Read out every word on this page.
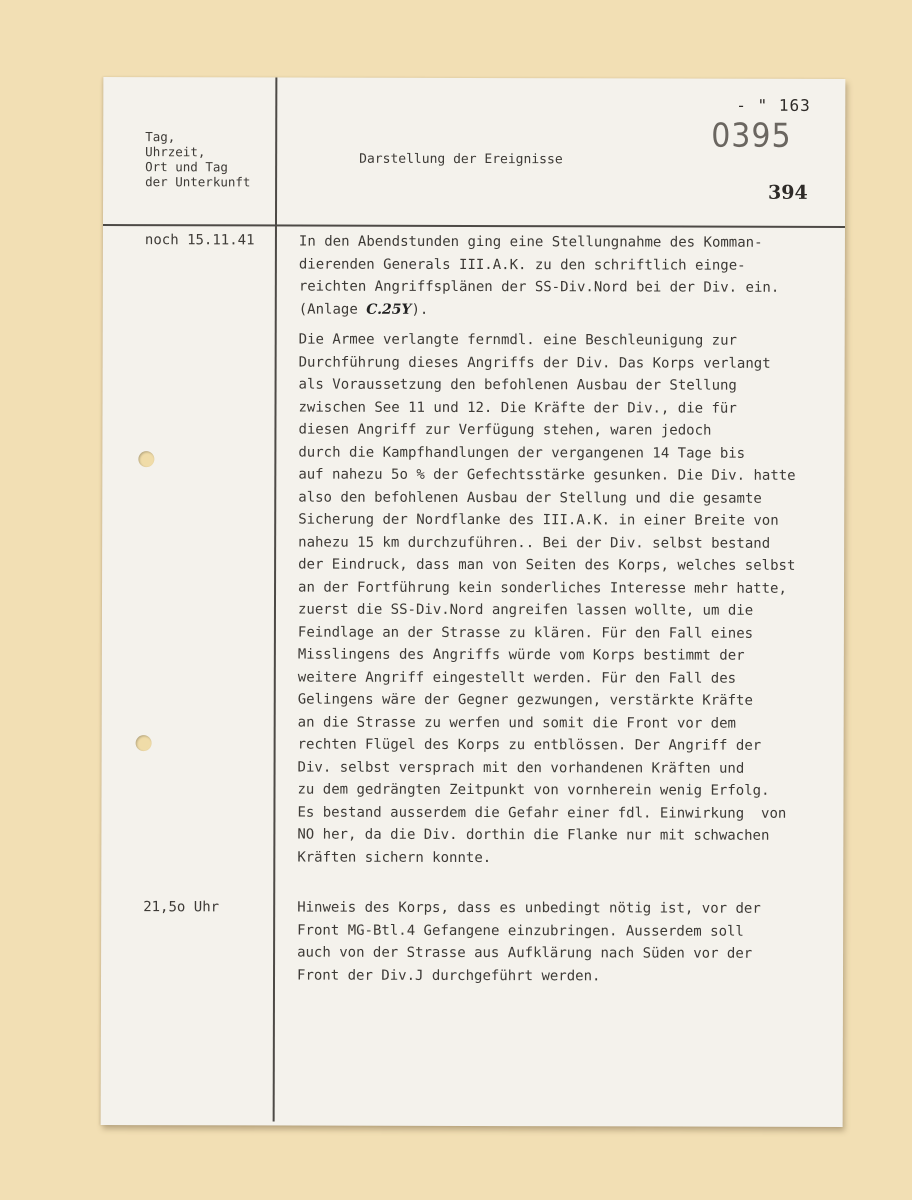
Tag,
Uhrzeit,
Ort und Tag
der Unterkunft
Darstellung der Ereignisse
- " 163
0395
394
noch 15.11.41	In den Abendstunden ging eine Stellungnahme des Komman-
dierenden Generals III.A.K. zu den schriftlich einge-
reichten Angriffsplänen der SS-Div.Nord bei der Div. ein.
(Anlage C.25Y).
Die Armee verlangte fernmdl. eine Beschleunigung zur
Durchführung dieses Angriffs der Div. Das Korps verlangt
als Voraussetzung den befohlenen Ausbau der Stellung
zwischen See 11 und 12. Die Kräfte der Div., die für
diesen Angriff zur Verfügung stehen, waren jedoch
durch die Kampfhandlungen der vergangenen 14 Tage bis
auf nahezu 5o % der Gefechtsstärke gesunken. Die Div. hatte
also den befohlenen Ausbau der Stellung und die gesamte
Sicherung der Nordflanke des III.A.K. in einer Breite von
nahezu 15 km durchzuführen.. Bei der Div. selbst bestand
der Eindruck, dass man von Seiten des Korps, welches selbst
an der Fortführung kein sonderliches Interesse mehr hatte,
zuerst die SS-Div.Nord angreifen lassen wollte, um die
Feindlage an der Strasse zu klären. Für den Fall eines
Misslingens des Angriffs würde vom Korps bestimmt der
weitere Angriff eingestellt werden. Für den Fall des
Gelingens wäre der Gegner gezwungen, verstärkte Kräfte
an die Strasse zu werfen und somit die Front vor dem
rechten Flügel des Korps zu entblössen. Der Angriff der
Div. selbst versprach mit den vorhandenen Kräften und
zu dem gedrängten Zeitpunkt von vornherein wenig Erfolg.
Es bestand ausserdem die Gefahr einer fdl. Einwirkung  von
NO her, da die Div. dorthin die Flanke nur mit schwachen
Kräften sichern konnte.
21,5o Uhr	Hinweis des Korps, dass es unbedingt nötig ist, vor der
Front MG-Btl.4 Gefangene einzubringen. Ausserdem soll
auch von der Strasse aus Aufklärung nach Süden vor der
Front der Div.J durchgeführt werden.
